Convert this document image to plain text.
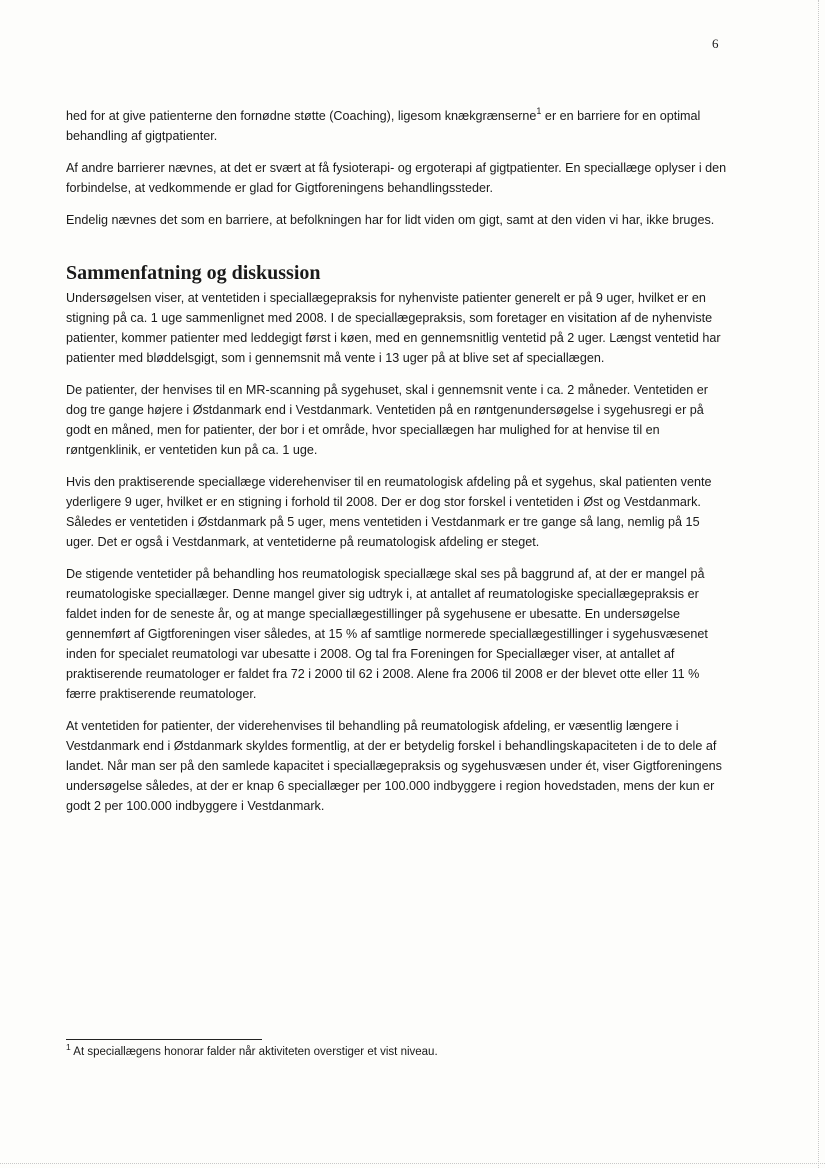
6

hed for at give patienterne den fornødne støtte (Coaching), ligesom knækgrænserne$^1$ er en barriere for en optimal behandling af gigtpatienter.

Af andre barrierer nævnes, at det er svært at få fysioterapi- og ergoterapi af gigtpatienter. En speciallæge oplyser i den forbindelse, at vedkommende er glad for Gigtforeningens behandlingssteder.

Endelig nævnes det som en barriere, at befolkningen har for lidt viden om gigt, samt at den viden vi har, ikke bruges.

Sammenfatning og diskussion

Undersøgelsen viser, at ventetiden i speciallægepraksis for nyhenviste patienter generelt er på 9 uger, hvilket er en stigning på ca. 1 uge sammenlignet med 2008. I de speciallægepraksis, som foretager en visitation af de nyhenviste patienter, kommer patienter med leddegigt først i køen, med en gennemsnitlig ventetid på 2 uger. Længst ventetid har patienter med bløddelsgigt, som i gennemsnit må vente i 13 uger på at blive set af speciallægen.

De patienter, der henvises til en MR-scanning på sygehuset, skal i gennemsnit vente i ca. 2 måneder. Ventetiden er dog tre gange højere i Østdanmark end i Vestdanmark. Ventetiden på en røntgenundersøgelse i sygehusregi er på godt en måned, men for patienter, der bor i et område, hvor speciallægen har mulighed for at henvise til en røntgenklinik, er ventetiden kun på ca. 1 uge.

Hvis den praktiserende speciallæge viderehenviser til en reumatologisk afdeling på et sygehus, skal patienten vente yderligere 9 uger, hvilket er en stigning i forhold til 2008. Der er dog stor forskel i ventetiden i Øst og Vestdanmark. Således er ventetiden i Østdanmark på 5 uger, mens ventetiden i Vestdanmark er tre gange så lang, nemlig på 15 uger. Det er også i Vestdanmark, at ventetiderne på reumatologisk afdeling er steget.

De stigende ventetider på behandling hos reumatologisk speciallæge skal ses på baggrund af, at der er mangel på reumatologiske speciallæger. Denne mangel giver sig udtryk i, at antallet af reumatologiske speciallægepraksis er faldet inden for de seneste år, og at mange speciallægestillinger på sygehusene er ubesatte. En undersøgelse gennemført af Gigtforeningen viser således, at 15 % af samtlige normerede speciallægestillinger i sygehusvæsenet inden for specialet reumatologi var ubesatte i 2008. Og tal fra Foreningen for Speciallæger viser, at antallet af praktiserende reumatologer er faldet fra 72 i 2000 til 62 i 2008. Alene fra 2006 til 2008 er der blevet otte eller 11 % færre praktiserende reumatologer.

At ventetiden for patienter, der viderehenvises til behandling på reumatologisk afdeling, er væsentlig længere i Vestdanmark end i Østdanmark skyldes formentlig, at der er betydelig forskel i behandlingskapaciteten i de to dele af landet. Når man ser på den samlede kapacitet i speciallægepraksis og sygehusvæsen under ét, viser Gigtforeningens undersøgelse således, at der er knap 6 speciallæger per 100.000 indbyggere i region hovedstaden, mens der kun er godt 2 per 100.000 indbyggere i Vestdanmark.

$^1$ At speciallægens honorar falder når aktiviteten overstiger et vist niveau.
